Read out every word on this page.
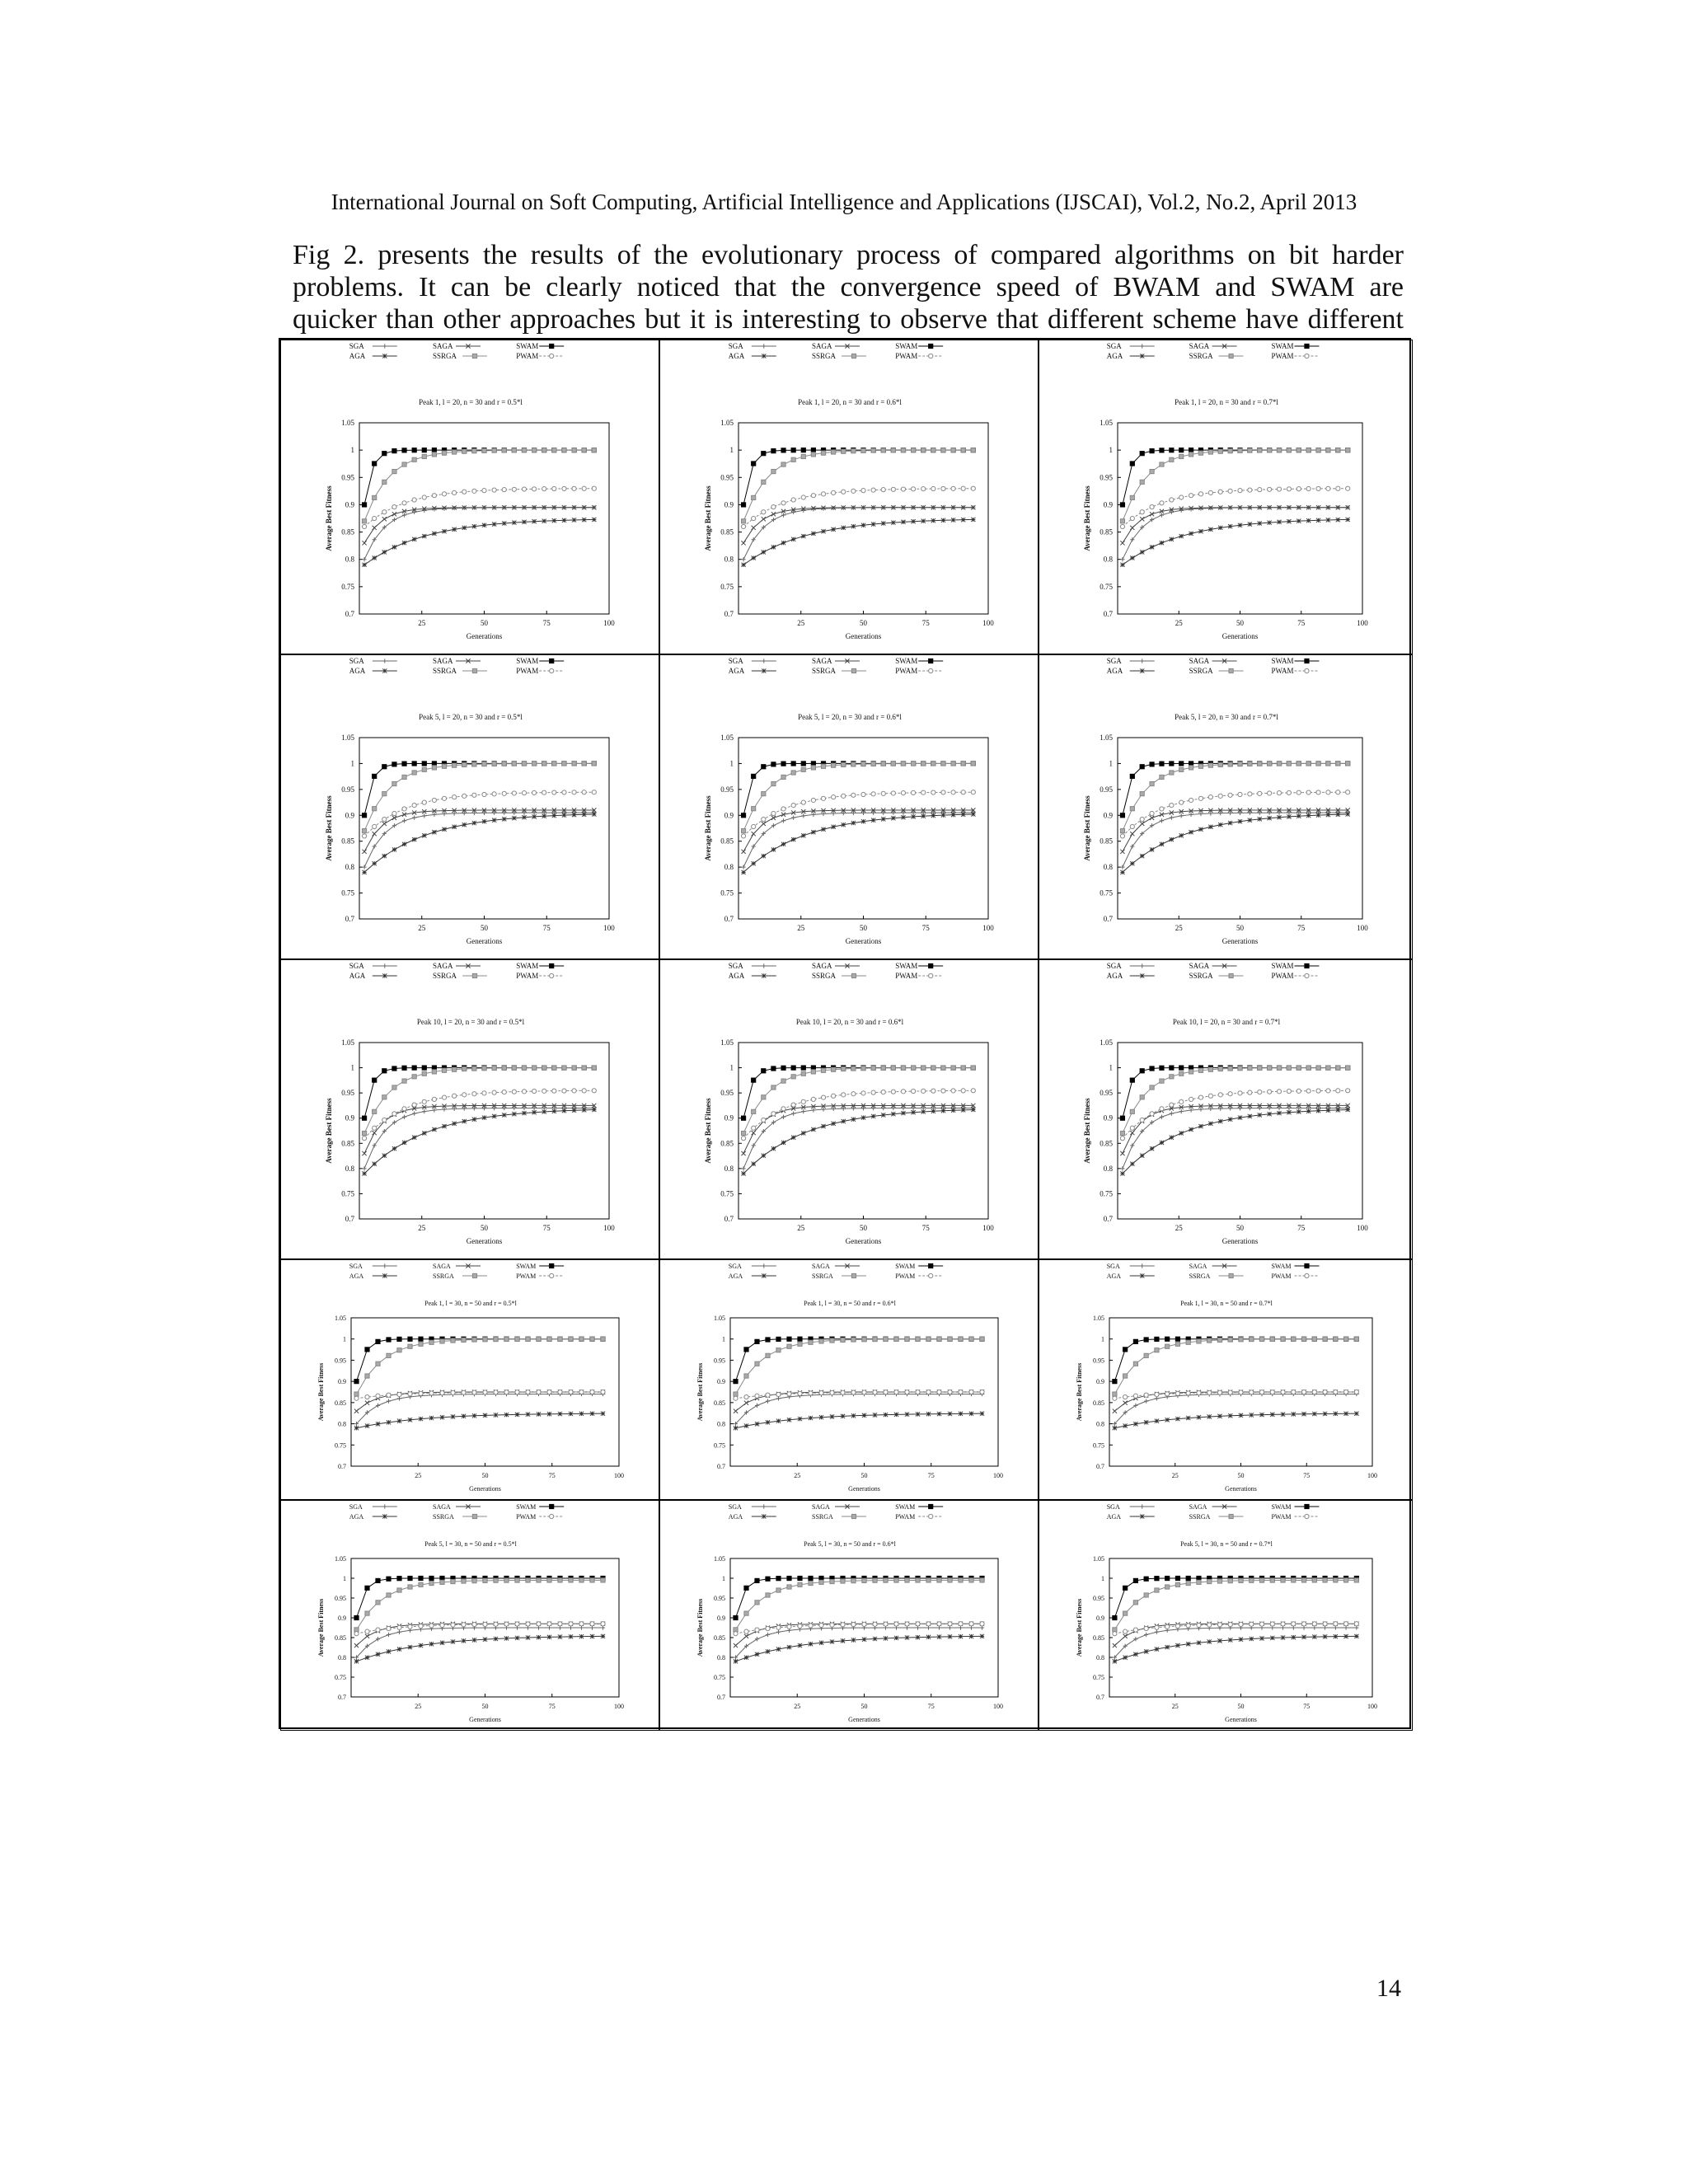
International Journal on Soft Computing, Artificial Intelligence and Applications (IJSCAI), Vol.2, No.2, April 2013
Fig 2. presents the results of the evolutionary process of compared algorithms on bit harder
problems. It can be clearly noticed that the convergence speed of BWAM and SWAM are
quicker than other approaches but it is interesting to observe that different scheme have different
SGA	SAGA	SWAM
AGA	SSRGA	PWAM
Peak 1, l = 20, n = 30 and r = 0.5*l
0.7
0.75
0.8
0.85
0.9
0.95
1
1.05
25	50	75	100
Generations
Average Best Fitness
SGA	SAGA	SWAM
AGA	SSRGA	PWAM
Peak 1, l = 20, n = 30 and r = 0.6*l
0.7
0.75
0.8
0.85
0.9
0.95
1
1.05
25	50	75	100
Generations
Average Best Fitness
SGA	SAGA	SWAM
AGA	SSRGA	PWAM
Peak 1, l = 20, n = 30 and r = 0.7*l
0.7
0.75
0.8
0.85
0.9
0.95
1
1.05
25	50	75	100
Generations
Average Best Fitness
SGA	SAGA	SWAM
AGA	SSRGA	PWAM
Peak 5, l = 20, n = 30 and r = 0.5*l
0.7
0.75
0.8
0.85
0.9
0.95
1
1.05
25	50	75	100
Generations
Average Best Fitness
SGA	SAGA	SWAM
AGA	SSRGA	PWAM
Peak 5, l = 20, n = 30 and r = 0.6*l
0.7
0.75
0.8
0.85
0.9
0.95
1
1.05
25	50	75	100
Generations
Average Best Fitness
SGA	SAGA	SWAM
AGA	SSRGA	PWAM
Peak 5, l = 20, n = 30 and r = 0.7*l
0.7
0.75
0.8
0.85
0.9
0.95
1
1.05
25	50	75	100
Generations
Average Best Fitness
SGA	SAGA	SWAM
AGA	SSRGA	PWAM
Peak 10, l = 20, n = 30 and r = 0.5*l
0.7
0.75
0.8
0.85
0.9
0.95
1
1.05
25	50	75	100
Generations
Average Best Fitness
SGA	SAGA	SWAM
AGA	SSRGA	PWAM
Peak 10, l = 20, n = 30 and r = 0.6*l
0.7
0.75
0.8
0.85
0.9
0.95
1
1.05
25	50	75	100
Generations
Average Best Fitness
SGA	SAGA	SWAM
AGA	SSRGA	PWAM
Peak 10, l = 20, n = 30 and r = 0.7*l
0.7
0.75
0.8
0.85
0.9
0.95
1
1.05
25	50	75	100
Generations
Average Best Fitness
SGA	SAGA	SWAM
AGA	SSRGA	PWAM
Peak 1, l = 30, n = 50 and r = 0.5*l
0.7
0.75
0.8
0.85
0.9
0.95
1
1.05
25	50	75	100
Generations
Average Best Fitness
SGA	SAGA	SWAM
AGA	SSRGA	PWAM
Peak 1, l = 30, n = 50 and r = 0.6*l
0.7
0.75
0.8
0.85
0.9
0.95
1
1.05
25	50	75	100
Generations
Average Best Fitness
SGA	SAGA	SWAM
AGA	SSRGA	PWAM
Peak 1, l = 30, n = 50 and r = 0.7*l
0.7
0.75
0.8
0.85
0.9
0.95
1
1.05
25	50	75	100
Generations
Average Best Fitness
SGA	SAGA	SWAM
AGA	SSRGA	PWAM
Peak 5, l = 30, n = 50 and r = 0.5*l
0.7
0.75
0.8
0.85
0.9
0.95
1
1.05
25	50	75	100
Generations
Average Best Fitness
SGA	SAGA	SWAM
AGA	SSRGA	PWAM
Peak 5, l = 30, n = 50 and r = 0.6*l
0.7
0.75
0.8
0.85
0.9
0.95
1
1.05
25	50	75	100
Generations
Average Best Fitness
SGA	SAGA	SWAM
AGA	SSRGA	PWAM
Peak 5, l = 30, n = 50 and r = 0.7*l
0.7
0.75
0.8
0.85
0.9
0.95
1
1.05
25	50	75	100
Generations
Average Best Fitness
14
